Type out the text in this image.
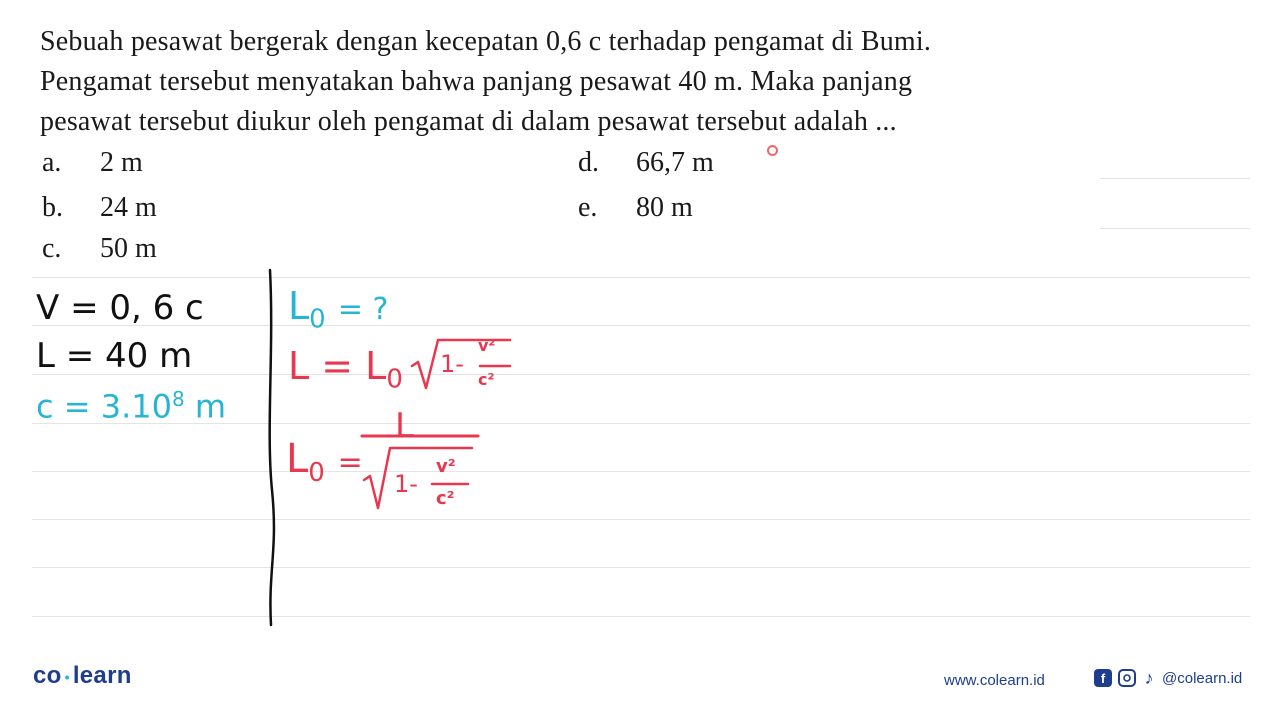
Sebuah pesawat bergerak dengan kecepatan 0,6 c terhadap pengamat di Bumi.

Pengamat tersebut menyatakan bahwa panjang pesawat 40 m. Maka panjang

pesawat tersebut diukur oleh pengamat di dalam pesawat tersebut adalah ...

a. 2 m
b. 24 m
c. 50 m
d. 66,7 m
e. 80 m
V = 0, 6 c
L = 40 m
$c = 3.10^8$ m
$L_0$ = ?
$L = L_0$
1-
v²
c²
$L_0$ =
L
1-
v²
c²
co • learn	www.colearn.id	f	♪ @colearn.id
